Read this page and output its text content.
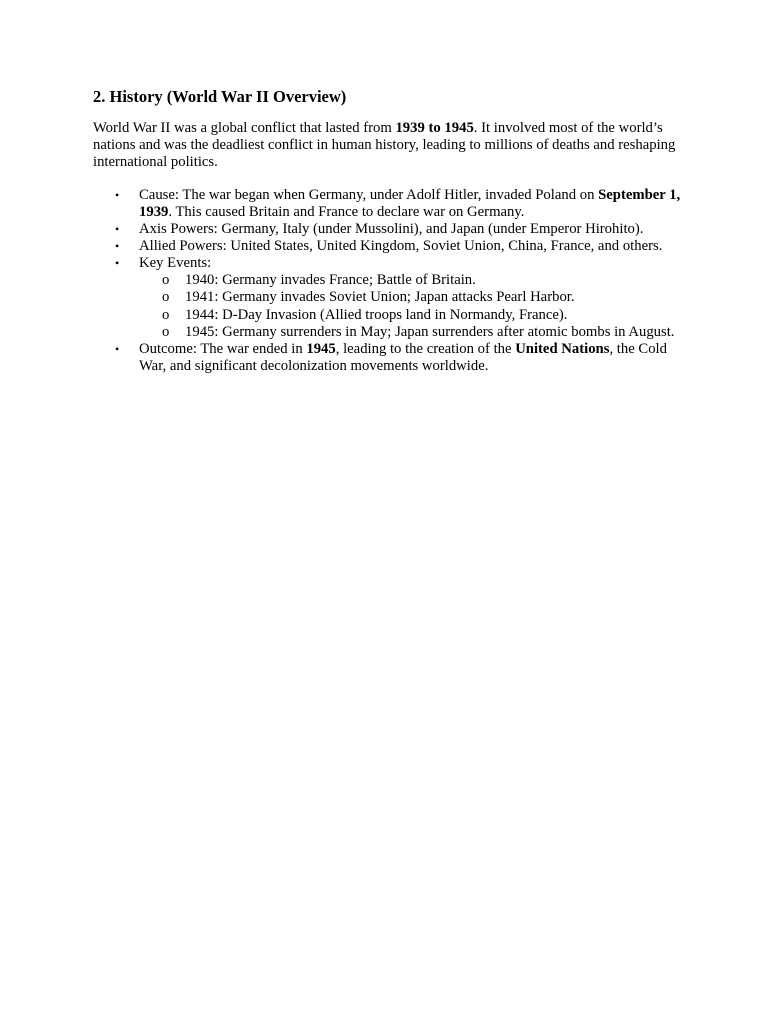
2. History (World War II Overview)

World War II was a global conflict that lasted from 1939 to 1945. It involved most of the world’s nations and was the deadliest conflict in human history, leading to millions of deaths and reshaping international politics.

• Cause: The war began when Germany, under Adolf Hitler, invaded Poland on September 1, 1939. This caused Britain and France to declare war on Germany.
• Axis Powers: Germany, Italy (under Mussolini), and Japan (under Emperor Hirohito).
• Allied Powers: United States, United Kingdom, Soviet Union, China, France, and others.
• Key Events:
o 1940: Germany invades France; Battle of Britain.
o 1941: Germany invades Soviet Union; Japan attacks Pearl Harbor.
o 1944: D-Day Invasion (Allied troops land in Normandy, France).
o 1945: Germany surrenders in May; Japan surrenders after atomic bombs in August.
• Outcome: The war ended in 1945, leading to the creation of the United Nations, the Cold War, and significant decolonization movements worldwide.
